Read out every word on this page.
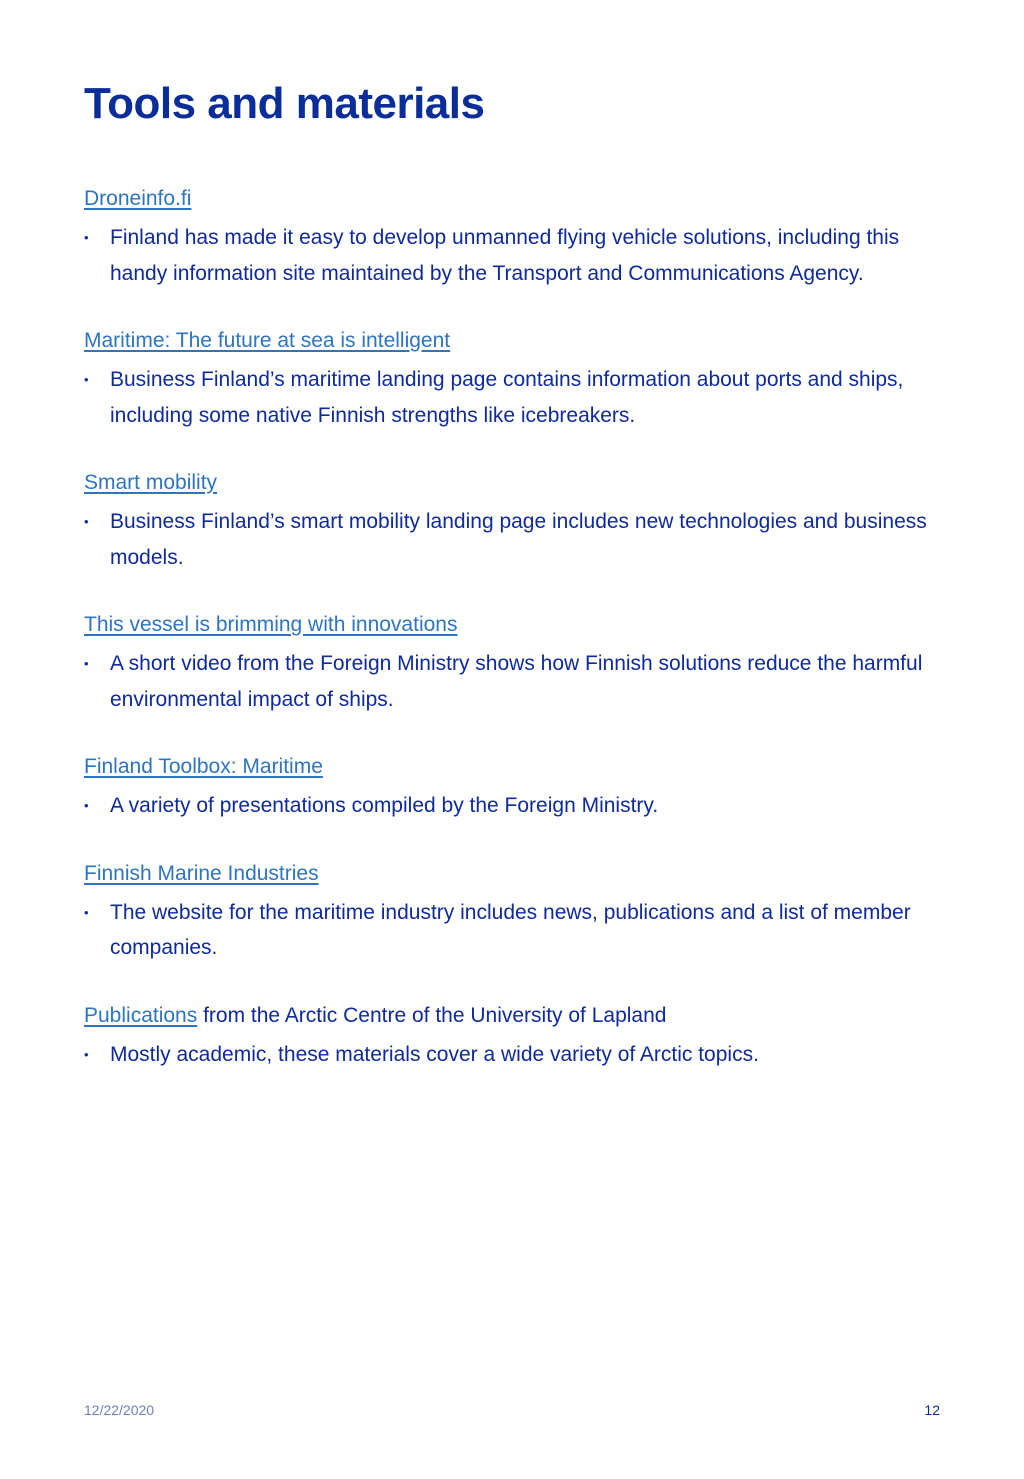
Tools and materials
Droneinfo.fi

• Finland has made it easy to develop unmanned flying vehicle solutions, including this handy information site maintained by the Transport and Communications Agency.

Maritime: The future at sea is intelligent

• Business Finland’s maritime landing page contains information about ports and ships, including some native Finnish strengths like icebreakers.

Smart mobility

• Business Finland’s smart mobility landing page includes new technologies and business models.

This vessel is brimming with innovations

• A short video from the Foreign Ministry shows how Finnish solutions reduce the harmful environmental impact of ships.

Finland Toolbox: Maritime

• A variety of presentations compiled by the Foreign Ministry.

Finnish Marine Industries

• The website for the maritime industry includes news, publications and a list of member companies.

Publications from the Arctic Centre of the University of Lapland

• Mostly academic, these materials cover a wide variety of Arctic topics.

12/22/2020	12
